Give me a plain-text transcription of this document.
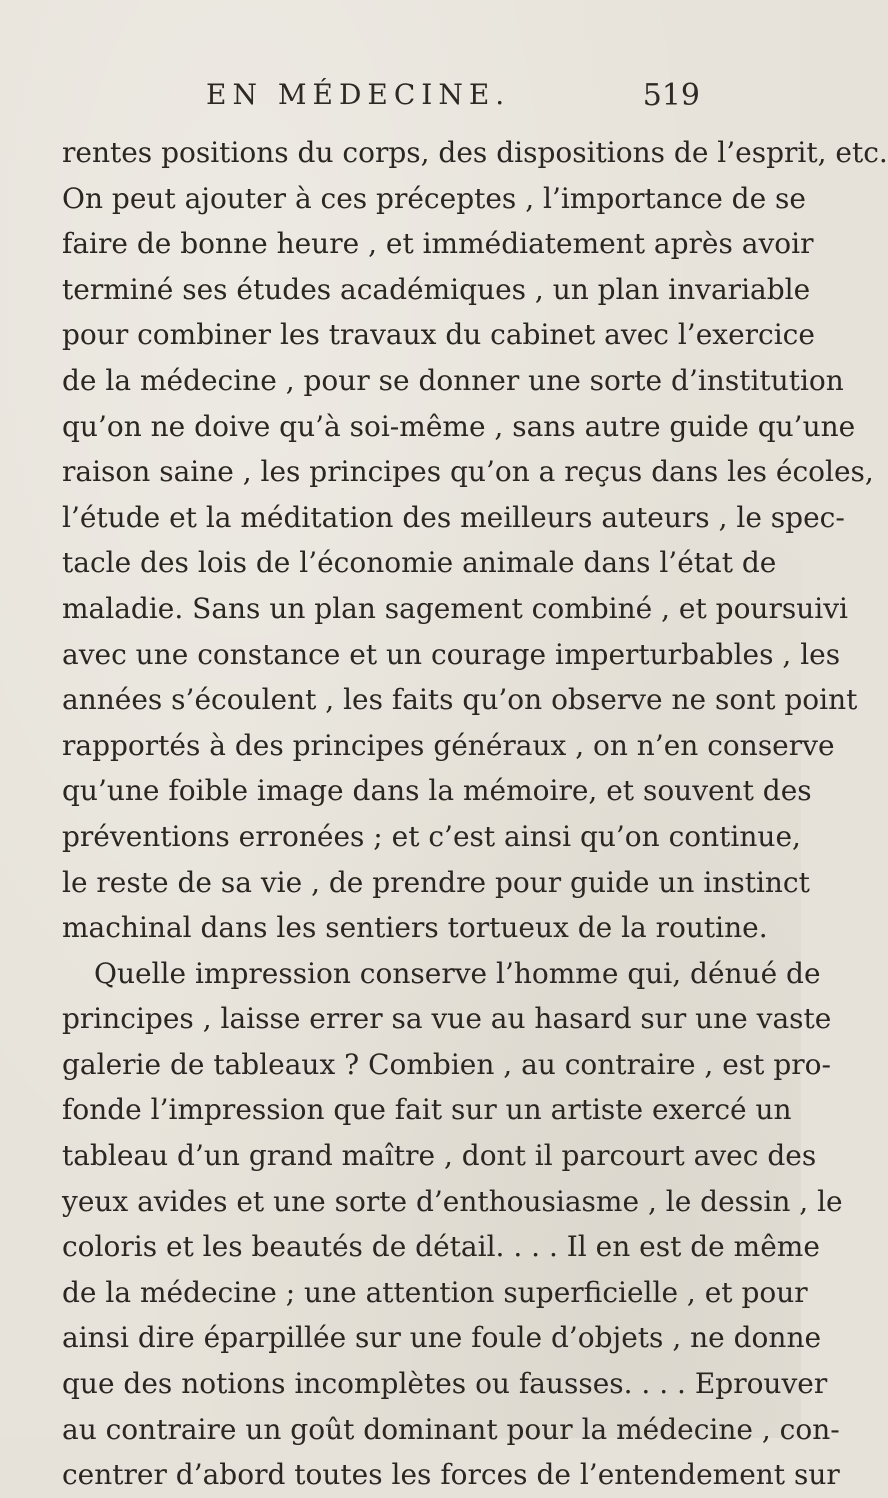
EN MÉDECINE.	519
rentes positions du corps, des dispositions de l’esprit, etc.
On peut ajouter à ces préceptes , l’importance de se
faire de bonne heure , et immédiatement après avoir
terminé ses études académiques , un plan invariable
pour combiner les travaux du cabinet avec l’exercice
de la médecine , pour se donner une sorte d’institution
qu’on ne doive qu’à soi-même , sans autre guide qu’une
raison saine , les principes qu’on a reçus dans les écoles,
l’étude et la méditation des meilleurs auteurs , le spec-
tacle des lois de l’économie animale dans l’état de
maladie. Sans un plan sagement combiné , et poursuivi
avec une constance et un courage imperturbables , les
années s’écoulent , les faits qu’on observe ne sont point
rapportés à des principes généraux , on n’en conserve
qu’une foible image dans la mémoire, et souvent des
préventions erronées ; et c’est ainsi qu’on continue,
le reste de sa vie , de prendre pour guide un instinct
machinal dans les sentiers tortueux de la routine.
Quelle impression conserve l’homme qui, dénué de
principes , laisse errer sa vue au hasard sur une vaste
galerie de tableaux ? Combien , au contraire , est pro-
fonde l’impression que fait sur un artiste exercé un
tableau d’un grand maître , dont il parcourt avec des
yeux avides et une sorte d’enthousiasme , le dessin , le
coloris et les beautés de détail. . . . Il en est de même
de la médecine ; une attention superficielle , et pour
ainsi dire éparpillée sur une foule d’objets , ne donne
que des notions incomplètes ou fausses. . . . Eprouver
au contraire un goût dominant pour la médecine , con-
centrer d’abord toutes les forces de l’entendement sur
